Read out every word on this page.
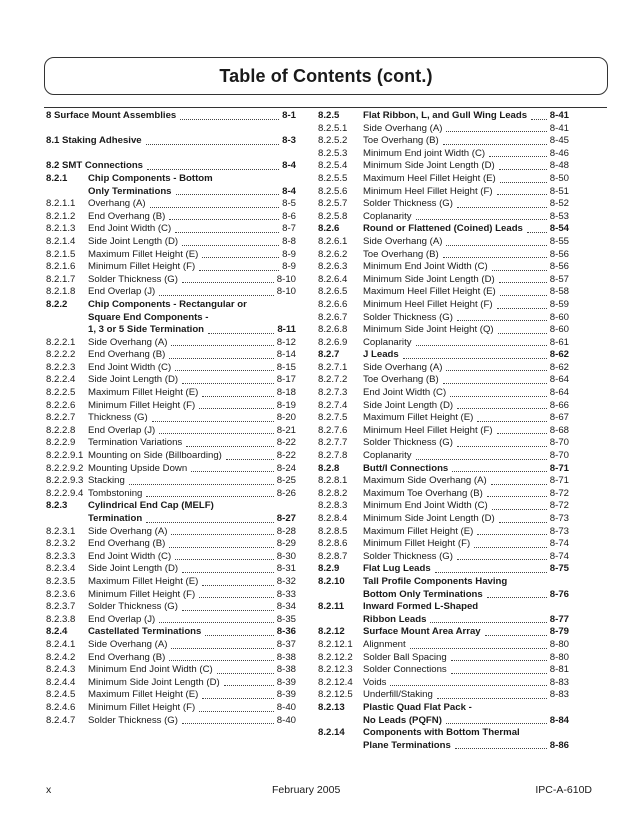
Table of Contents (cont.)
8 Surface Mount Assemblies	8-1
8.1 Staking Adhesive	8-3
8.2 SMT Connections	8-4
8.2.1	Chip Components - Bottom
Only Terminations	8-4
8.2.1.1	Overhang (A)	8-5
8.2.1.2	End Overhang (B)	8-6
8.2.1.3	End Joint Width (C)	8-7
8.2.1.4	Side Joint Length (D)	8-8
8.2.1.5	Maximum Fillet Height (E)	8-9
8.2.1.6	Minimum Fillet Height (F)	8-9
8.2.1.7	Solder Thickness (G)	8-10
8.2.1.8	End Overlap (J)	8-10
8.2.2	Chip Components - Rectangular or
Square End Components -
1, 3 or 5 Side Termination	8-11
8.2.2.1	Side Overhang (A)	8-12
8.2.2.2	End Overhang (B)	8-14
8.2.2.3	End Joint Width (C)	8-15
8.2.2.4	Side Joint Length (D)	8-17
8.2.2.5	Maximum Fillet Height (E)	8-18
8.2.2.6	Minimum Fillet Height (F)	8-19
8.2.2.7	Thickness (G)	8-20
8.2.2.8	End Overlap (J)	8-21
8.2.2.9	Termination Variations	8-22
8.2.2.9.1 Mounting on Side (Billboarding)	8-22
8.2.2.9.2 Mounting Upside Down	8-24
8.2.2.9.3 Stacking	8-25
8.2.2.9.4 Tombstoning	8-26
8.2.3	Cylindrical End Cap (MELF)
Termination	8-27
8.2.3.1	Side Overhang (A)	8-28
8.2.3.2	End Overhang (B)	8-29
8.2.3.3	End Joint Width (C)	8-30
8.2.3.4	Side Joint Length (D)	8-31
8.2.3.5	Maximum Fillet Height (E)	8-32
8.2.3.6	Minimum Fillet Height (F)	8-33
8.2.3.7	Solder Thickness (G)	8-34
8.2.3.8	End Overlap (J)	8-35
8.2.4	Castellated Terminations	8-36
8.2.4.1	Side Overhang (A)	8-37
8.2.4.2	End Overhang (B)	8-38
8.2.4.3	Minimum End Joint Width (C)	8-38
8.2.4.4	Minimum Side Joint Length (D)	8-39
8.2.4.5	Maximum Fillet Height (E)	8-39
8.2.4.6	Minimum Fillet Height (F)	8-40
8.2.4.7	Solder Thickness (G)	8-40
8.2.5	Flat Ribbon, L, and Gull Wing Leads 8-41
8.2.5.1	Side Overhang (A)	8-41
8.2.5.2	Toe Overhang (B)	8-45
8.2.5.3	Minimum End joint Width (C)	8-46
8.2.5.4	Minimum Side Joint Length (D)	8-48
8.2.5.5	Maximum Heel Fillet Height (E)	8-50
8.2.5.6	Minimum Heel Fillet Height (F)	8-51
8.2.5.7	Solder Thickness (G)	8-52
8.2.5.8	Coplanarity	8-53
8.2.6	Round or Flattened (Coined) Leads	8-54
8.2.6.1	Side Overhang (A)	8-55
8.2.6.2	Toe Overhang (B)	8-56
8.2.6.3	Minimum End Joint Width (C)	8-56
8.2.6.4	Minimum Side Joint Length (D)	8-57
8.2.6.5	Maximum Heel Fillet Height (E)	8-58
8.2.6.6	Minimum Heel Fillet Height (F)	8-59
8.2.6.7	Solder Thickness (G)	8-60
8.2.6.8	Minimum Side Joint Height (Q)	8-60
8.2.6.9	Coplanarity	8-61
8.2.7	J Leads	8-62
8.2.7.1	Side Overhang (A)	8-62
8.2.7.2	Toe Overhang (B)	8-64
8.2.7.3	End Joint Width (C)	8-64
8.2.7.4	Side Joint Length (D)	8-66
8.2.7.5	Maximum Fillet Height (E)	8-67
8.2.7.6	Minimum Heel Fillet Height (F)	8-68
8.2.7.7	Solder Thickness (G)	8-70
8.2.7.8	Coplanarity	8-70
8.2.8	Butt/I Connections	8-71
8.2.8.1	Maximum Side Overhang (A)	8-71
8.2.8.2	Maximum Toe Overhang (B)	8-72
8.2.8.3	Minimum End Joint Width (C)	8-72
8.2.8.4	Minimum Side Joint Length (D)	8-73
8.2.8.5	Maximum Fillet Height (E)	8-73
8.2.8.6	Minimum Fillet Height (F)	8-74
8.2.8.7	Solder Thickness (G)	8-74
8.2.9	Flat Lug Leads	8-75
8.2.10	Tall Profile Components Having
Bottom Only Terminations	8-76
8.2.11	Inward Formed L-Shaped
Ribbon Leads	8-77
8.2.12	Surface Mount Area Array	8-79
8.2.12.1	Alignment	8-80
8.2.12.2	Solder Ball Spacing	8-80
8.2.12.3	Solder Connections	8-81
8.2.12.4	Voids	8-83
8.2.12.5	Underfill/Staking	8-83
8.2.13	Plastic Quad Flat Pack -
No Leads (PQFN)	8-84
8.2.14	Components with Bottom Thermal
Plane Terminations	8-86
x	February 2005	IPC-A-610D
